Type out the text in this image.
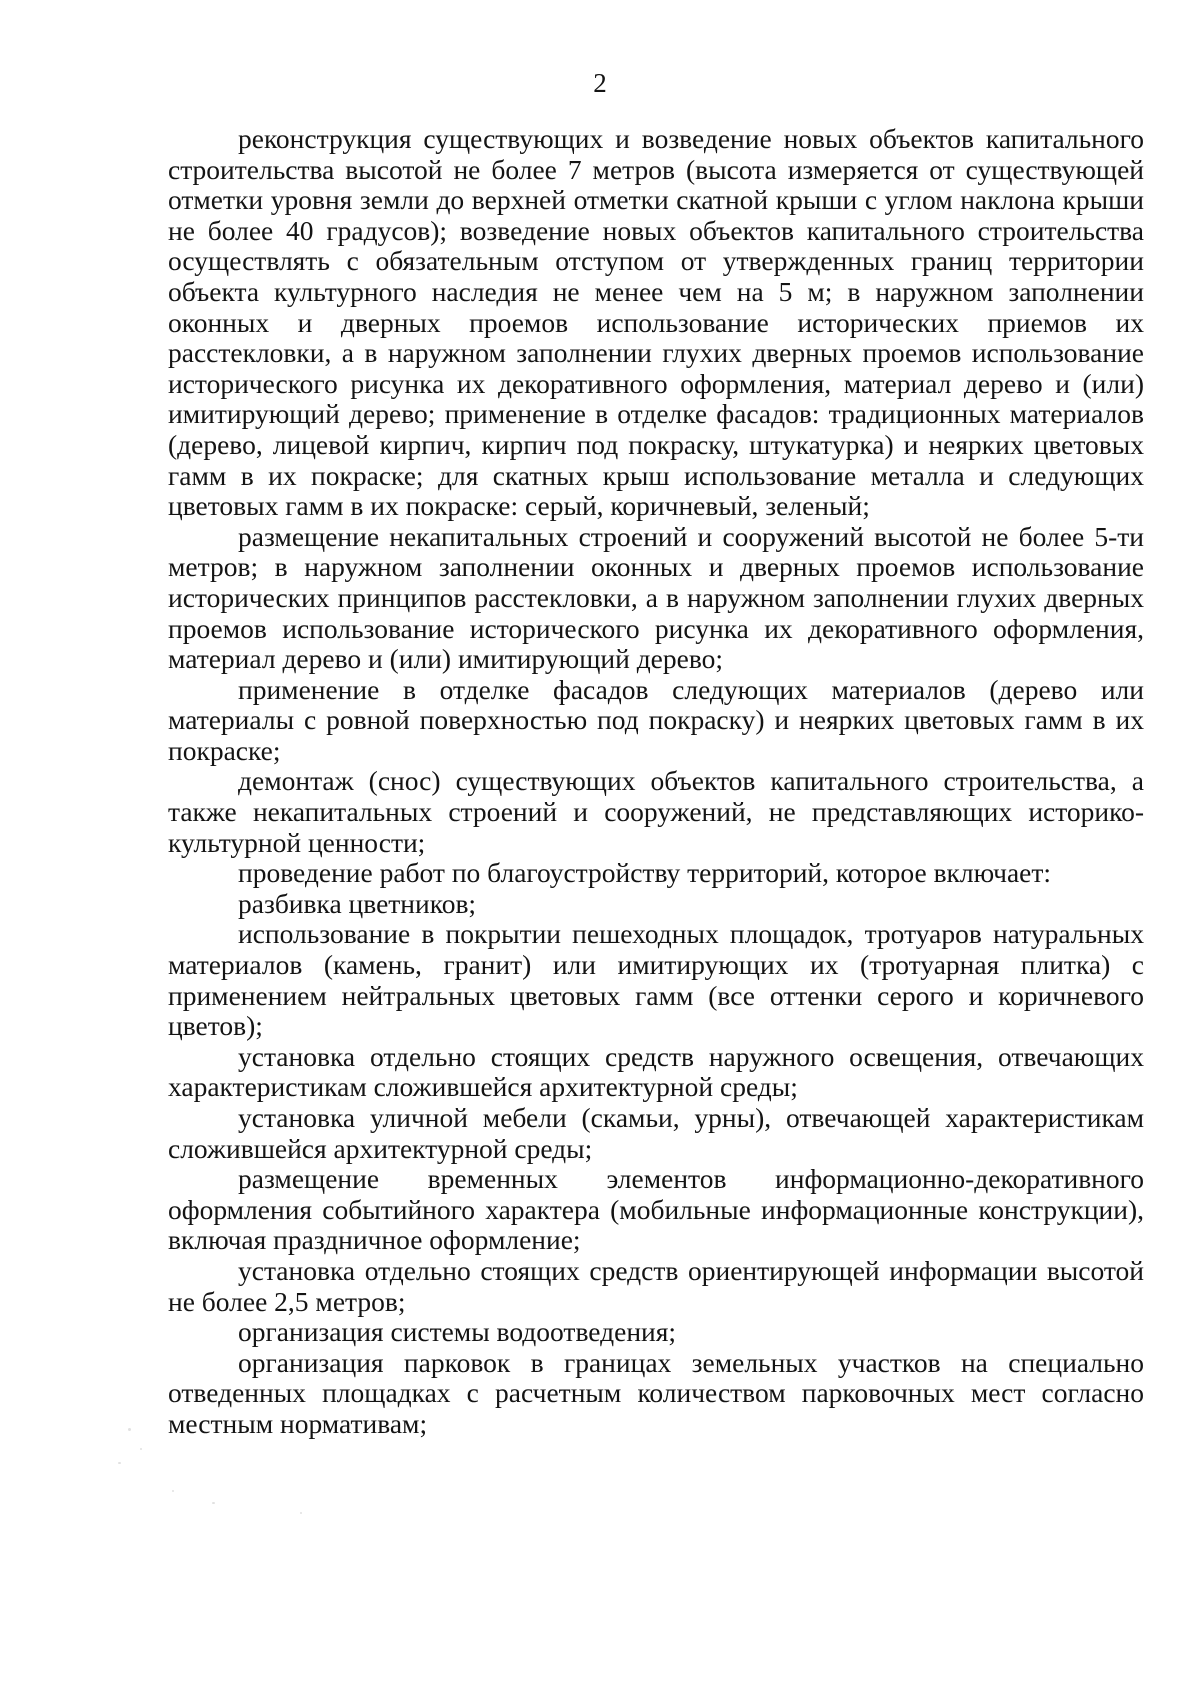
2

реконструкция существующих и возведение новых объектов капитального строительства высотой не более 7 метров (высота измеряется от существующей отметки уровня земли до верхней отметки скатной крыши с углом наклона крыши не более 40 градусов); возведение новых объектов капитального строительства осуществлять с обязательным отступом от утвержденных границ территории объекта культурного наследия не менее чем на 5 м; в наружном заполнении оконных и дверных проемов использование исторических приемов их расстекловки, а в наружном заполнении глухих дверных проемов использование исторического рисунка их декоративного оформления, материал дерево и (или) имитирующий дерево; применение в отделке фасадов: традиционных материалов (дерево, лицевой кирпич, кирпич под покраску, штукатурка) и неярких цветовых гамм в их покраске; для скатных крыш использование металла и следующих цветовых гамм в их покраске: серый, коричневый, зеленый;

размещение некапитальных строений и сооружений высотой не более 5-ти метров; в наружном заполнении оконных и дверных проемов использование исторических принципов расстекловки, а в наружном заполнении глухих дверных проемов использование исторического рисунка их декоративного оформления, материал дерево и (или) имитирующий дерево;

применение в отделке фасадов следующих материалов (дерево или материалы с ровной поверхностью под покраску) и неярких цветовых гамм в их покраске;

демонтаж (снос) существующих объектов капитального строительства, а также некапитальных строений и сооружений, не представляющих историко-культурной ценности;

проведение работ по благоустройству территорий, которое включает:

разбивка цветников;

использование в покрытии пешеходных площадок, тротуаров натуральных материалов (камень, гранит) или имитирующих их (тротуарная плитка) с применением нейтральных цветовых гамм (все оттенки серого и коричневого цветов);

установка отдельно стоящих средств наружного освещения, отвечающих характеристикам сложившейся архитектурной среды;

установка уличной мебели (скамьи, урны), отвечающей характеристикам сложившейся архитектурной среды;

размещение временных элементов информационно-декоративного оформления событийного характера (мобильные информационные конструкции), включая праздничное оформление;

установка отдельно стоящих средств ориентирующей информации высотой не более 2,5 метров;

организация системы водоотведения;

организация парковок в границах земельных участков на специально отведенных площадках с расчетным количеством парковочных мест согласно местным нормативам;
